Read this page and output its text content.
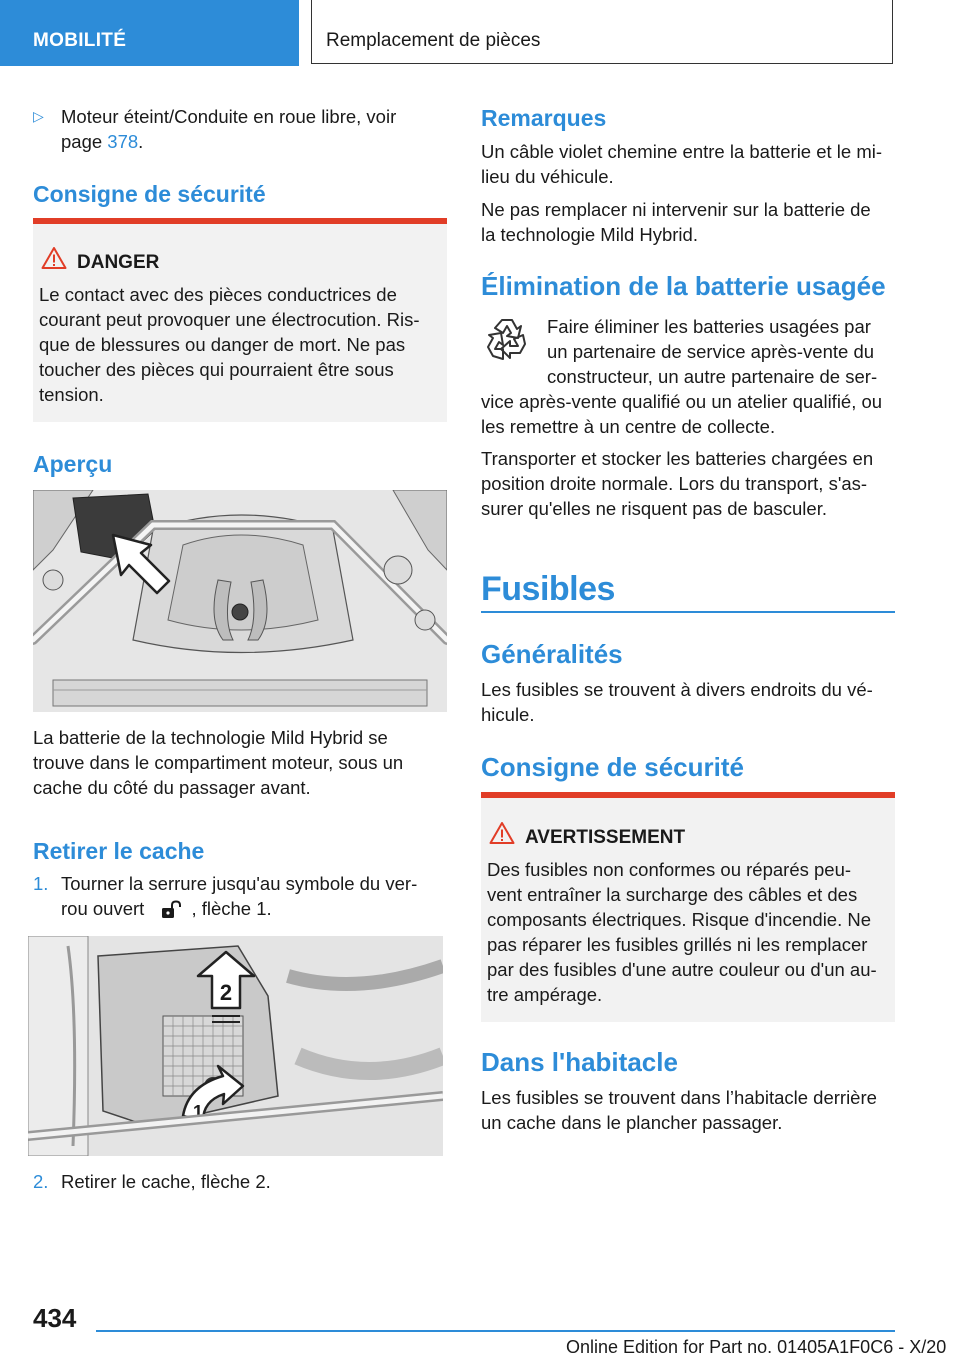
MOBILITÉ	Remplacement de pièces
▷ Moteur éteint/Conduite en roue libre, voir

page 378.

Consigne de sécurité
DANGER

Le contact avec des pièces conductrices de

courant peut provoquer une électrocution. Ris-

que de blessures ou danger de mort. Ne pas

toucher des pièces qui pourraient être sous

tension.

Aperçu

La batterie de la technologie Mild Hybrid se

trouve dans le compartiment moteur, sous un

cache du côté du passager avant.

Retirer le cache
1. Tourner la serrure jusqu'au symbole du ver-

rou ouvert	, flèche 1.

2
1
2. Retirer le cache, flèche 2.

Remarques

Un câble violet chemine entre la batterie et le mi-

lieu du véhicule.

Ne pas remplacer ni intervenir sur la batterie de

la technologie Mild Hybrid.

Élimination de la batterie usagée

Faire éliminer les batteries usagées par

un partenaire de service après-vente du

constructeur, un autre partenaire de ser-

vice après-vente qualifié ou un atelier qualifié, ou

les remettre à un centre de collecte.

Transporter et stocker les batteries chargées en

position droite normale. Lors du transport, s'as-

surer qu'elles ne risquent pas de basculer.

Fusibles
Généralités

Les fusibles se trouvent à divers endroits du vé-

hicule.

Consigne de sécurité
AVERTISSEMENT

Des fusibles non conformes ou réparés peu-

vent entraîner la surcharge des câbles et des

composants électriques. Risque d'incendie. Ne

pas réparer les fusibles grillés ni les remplacer

par des fusibles d'une autre couleur ou d'un au-

tre ampérage.

Dans l'habitacle

Les fusibles se trouvent dans l’habitacle derrière

un cache dans le plancher passager.

434
Online Edition for Part no. 01405A1F0C6 - X/20
